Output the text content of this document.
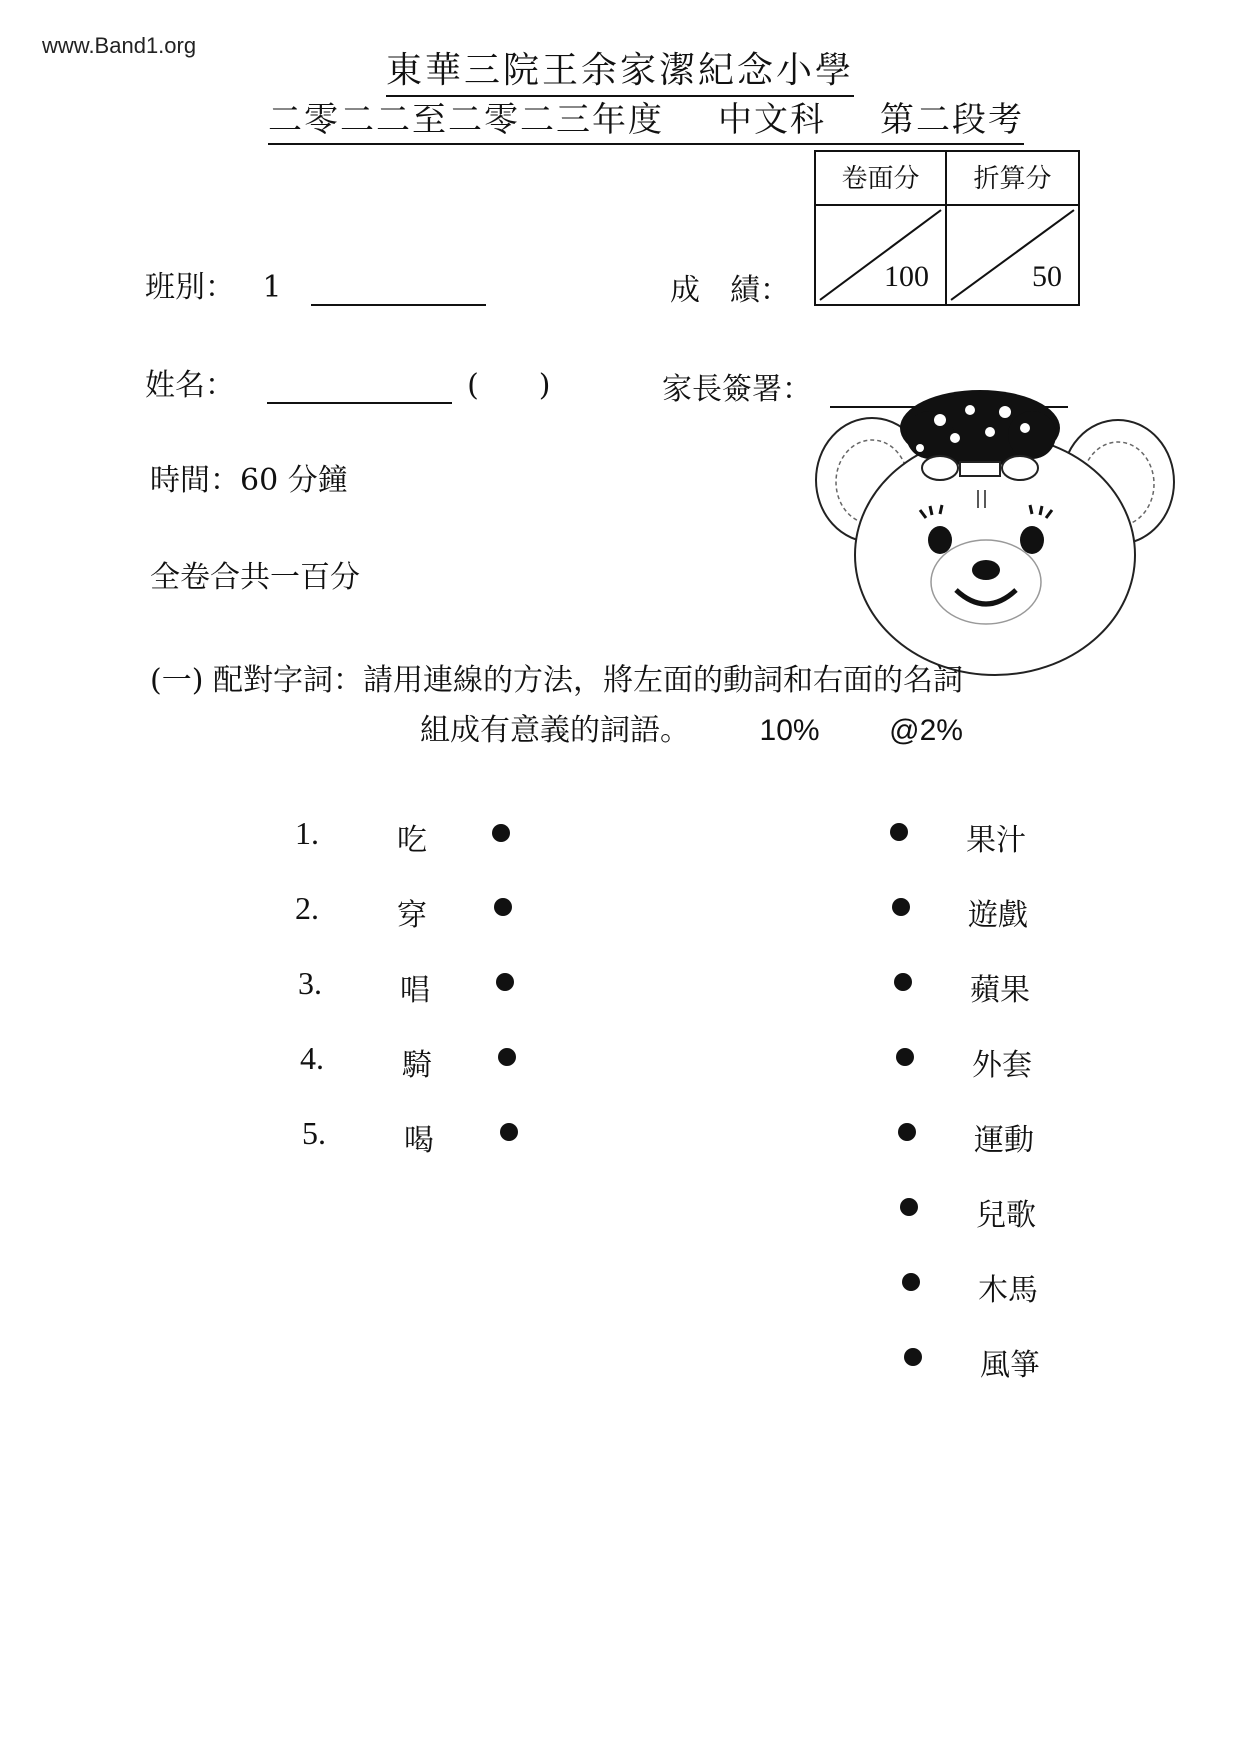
www.Band1.org
東華三院王余家潔紀念小學
二零二二至二零二三年度 中文科 第二段考
卷面分	折算分
100	50
班別： 1	成　績：
姓名：	(　　)	家長簽署：
時間：60 分鐘
全卷合共一百分
(一) 配對字詞：請用連線的方法，將左面的動詞和右面的名詞
組成有意義的詞語。 10% @2%
1.	吃
2.	穿
3.	唱
4.	騎
5.	喝
果汁
遊戲
蘋果
外套
運動
兒歌
木馬
風箏
